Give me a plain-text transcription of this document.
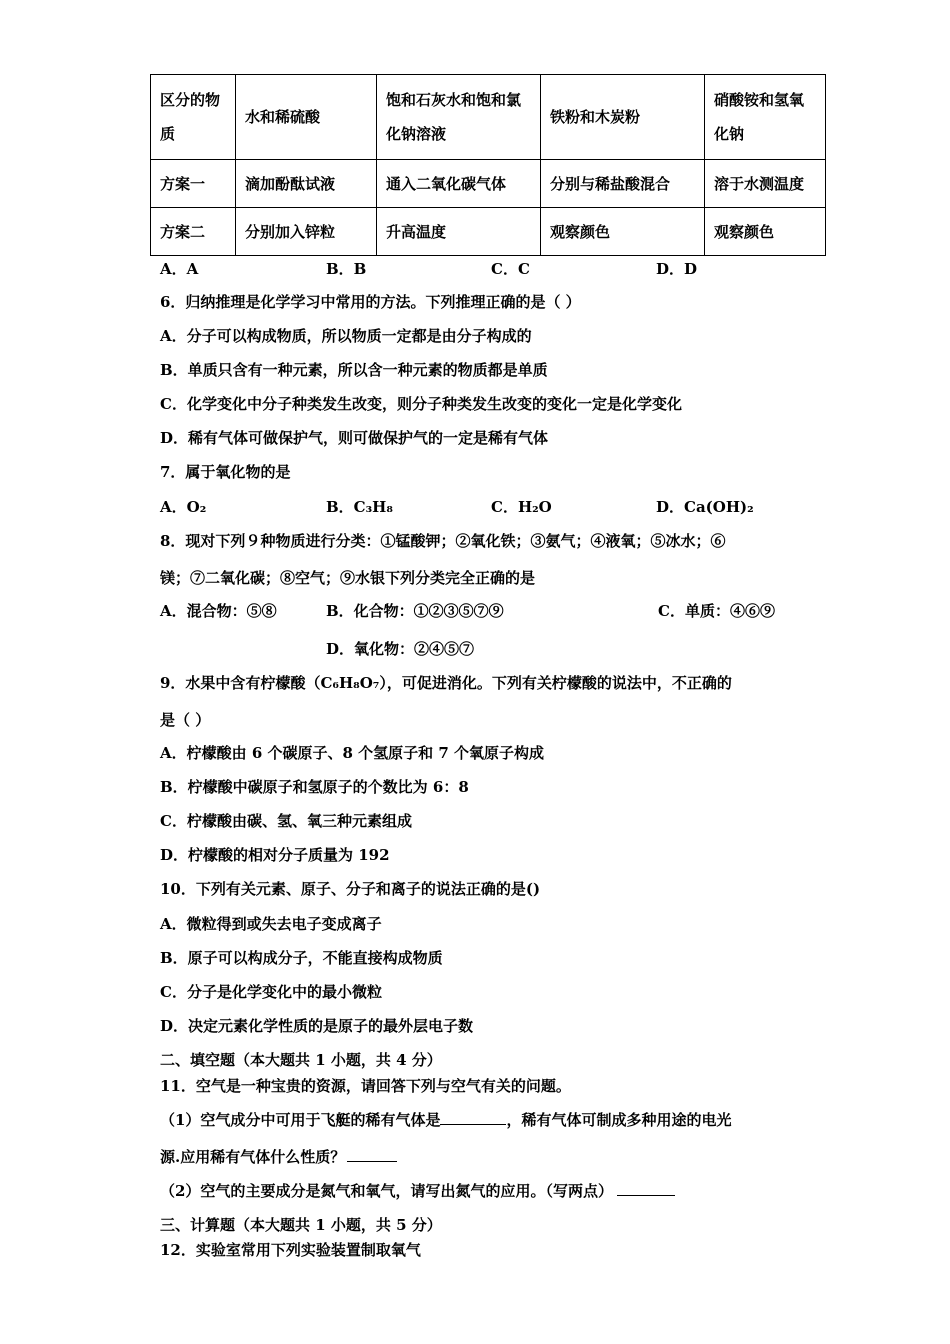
区分的物质	水和稀硫酸	饱和石灰水和饱和氯化钠溶液	铁粉和木炭粉	硝酸铵和氢氧化钠
方案一	滴加酚酞试液	通入二氧化碳气体	分别与稀盐酸混合	溶于水测温度
方案二	分别加入锌粒	升高温度	观察颜色	观察颜色
A．A	B．B	C．C	D．D
6．归纳推理是化学学习中常用的方法。下列推理正确的是（ ）
A．分子可以构成物质，所以物质一定都是由分子构成的
B．单质只含有一种元素，所以含一种元素的物质都是单质
C．化学变化中分子种类发生改变，则分子种类发生改变的变化一定是化学变化
D．稀有气体可做保护气，则可做保护气的一定是稀有气体
7．属于氧化物的是
A．O₂	B．C₃H₈	C．H₂O	D．Ca(OH)₂
8．现对下列９种物质进行分类：①锰酸钾；②氧化铁；③氨气；④液氧；⑤冰水；⑥
镁；⑦二氧化碳；⑧空气；⑨水银下列分类完全正确的是
A．混合物：⑤⑧	B．化合物：①②③⑤⑦⑨	C．单质：④⑥⑨
D．氧化物：②④⑤⑦
9．水果中含有柠檬酸（C₆H₈O₇），可促进消化。下列有关柠檬酸的说法中，不正确的
是（ ）
A．柠檬酸由 6 个碳原子、8 个氢原子和 7 个氧原子构成
B．柠檬酸中碳原子和氢原子的个数比为 6：8
C．柠檬酸由碳、氢、氧三种元素组成
D．柠檬酸的相对分子质量为 192
10．下列有关元素、原子、分子和离子的说法正确的是()
A．微粒得到或失去电子变成离子
B．原子可以构成分子，不能直接构成物质
C．分子是化学变化中的最小微粒
D．决定元素化学性质的是原子的最外层电子数
二、填空题（本大题共 1 小题，共 4 分）
11．空气是一种宝贵的资源，请回答下列与空气有关的问题。
（1）空气成分中可用于飞艇的稀有气体是	，稀有气体可制成多种用途的电光
源.应用稀有气体什么性质？
（2）空气的主要成分是氮气和氧气，请写出氮气的应用。（写两点）
三、计算题（本大题共 1 小题，共 5 分）
12．实验室常用下列实验装置制取氧气
